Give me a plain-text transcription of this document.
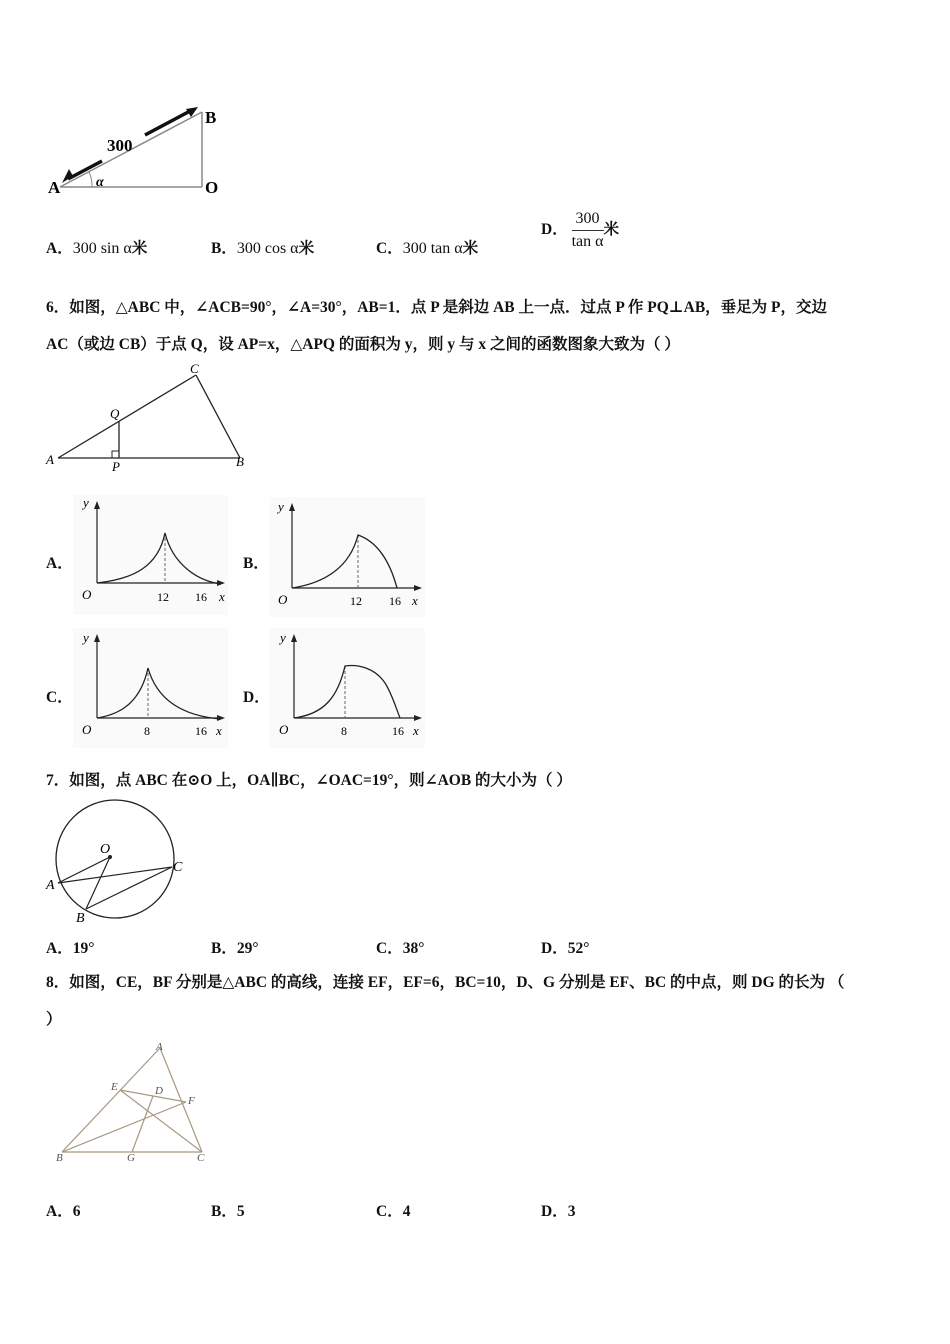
300
A
B
O
α
A．300 sin α米	B．300 cos α米	C．300 tan α米
D． $\frac{300}{\text{tan α}}$ 米
6．如图，△ABC 中，∠ACB=90°，∠A=30°，AB=1．点 P 是斜边 AB 上一点．过点 P 作 PQ⊥AB，垂足为 P，交边
AC（或边 CB）于点 Q，设 AP=x，△APQ 的面积为 y，则 y 与 x 之间的函数图象大致为（ ）
A	B
C
P
Q
A．
y
x
O	12 16
B．
y
x
O	12 16
C．
y
x
O	8	16
D．
y
x
O	8	16
7．如图，点 ABC 在⊙O 上，OA∥BC，∠OAC=19°，则∠AOB 的大小为（ ）
O
A
B
C
A．19°	B．29°	C．38°	D．52°
8．如图，CE，BF 分别是△ABC 的高线，连接 EF，EF=6，BC=10，D、G 分别是 EF、BC 的中点，则 DG 的长为 （
）
A
B	C
D
E
F
G
A．6	B．5	C．4	D．3
